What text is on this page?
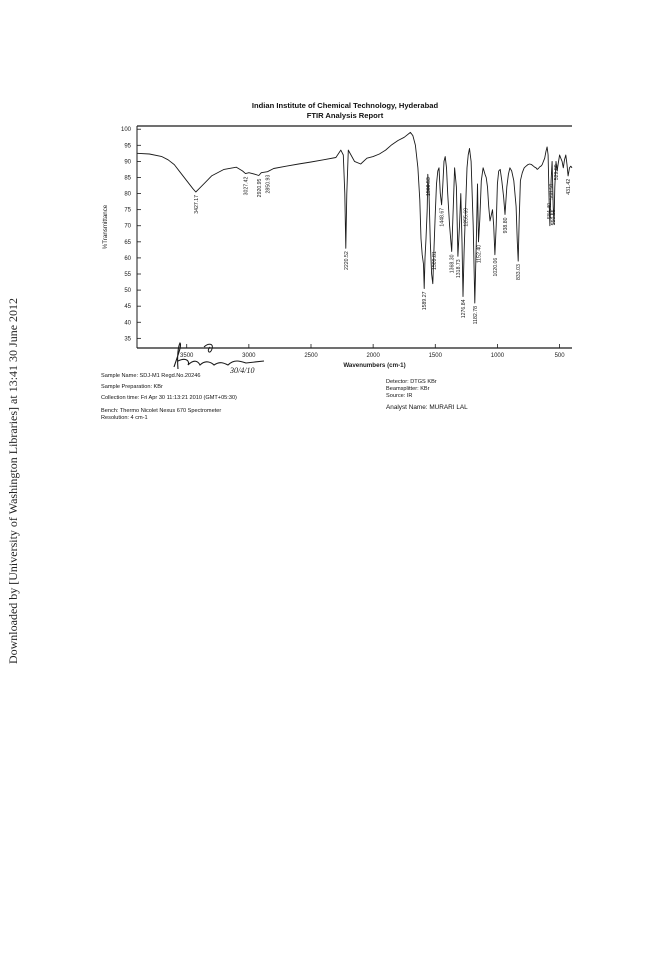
Downloaded by [University of Washington Libraries] at 13:41 30 June 2012
Indian Institute of Chemical Technology, Hyderabad
FTIR Analysis Report
35
40
45
50
55
60
65
70
75
80
85
90
95
100
3500	3000	2500	2000	1500	1000	500
Wavenumbers (cm-1)
%Transmittance
3427.17
3027.42 2920.95 2850.93
2220.52
1589.27
1560.53
1509.81
1448.67
1368.30 1318.73
1276.84
1255.69
1182.78
1152.40
1020.06
938.80
833.03
584.40
568.50
550.55
529.89
431.42
Sample Name: SDJ-M1 Regd.No.20246
Sample Preparation: KBr
Collection time: Fri Apr 30 11:13:21 2010 (GMT+05:30)
Bench: Thermo Nicolet Nexus 670 Spectrometer
Resolution: 4 cm-1
Detector: DTGS KBr
Beamsplitter: KBr
Source: IR
Analyst Name: MURARI LAL
30/4/10
